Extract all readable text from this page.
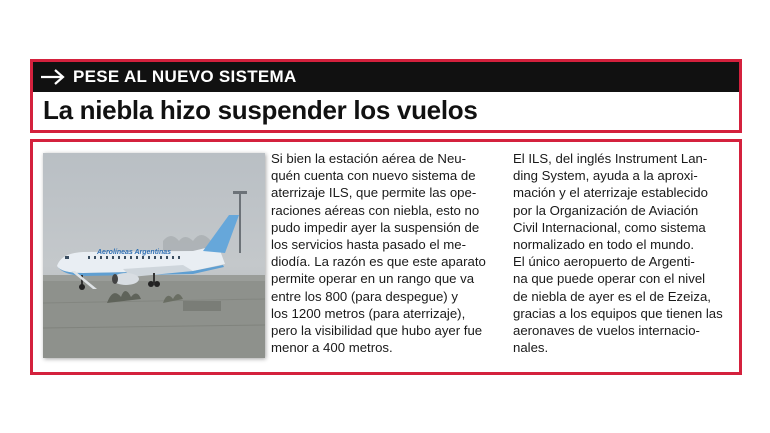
PESE AL NUEVO SISTEMA
La niebla hizo suspender los vuelos
Aerolíneas Argentinas
Si bien la estación aérea de Neu-
quén cuenta con nuevo sistema de
aterrizaje ILS, que permite las ope-
raciones aéreas con niebla, esto no
pudo impedir ayer la suspensión de
los servicios hasta pasado el me-
diodía. La razón es que este aparato
permite operar en un rango que va
entre los 800 (para despegue) y
los 1200 metros (para aterrizaje),
pero la visibilidad que hubo ayer fue
menor a 400 metros.
El ILS, del inglés Instrument Lan-
ding System, ayuda a la aproxi-
mación y el aterrizaje establecido
por la Organización de Aviación
Civil Internacional, como sistema
normalizado en todo el mundo.
El único aeropuerto de Argenti-
na que puede operar con el nivel
de niebla de ayer es el de Ezeiza,
gracias a los equipos que tienen las
aeronaves de vuelos internacio-
nales.
